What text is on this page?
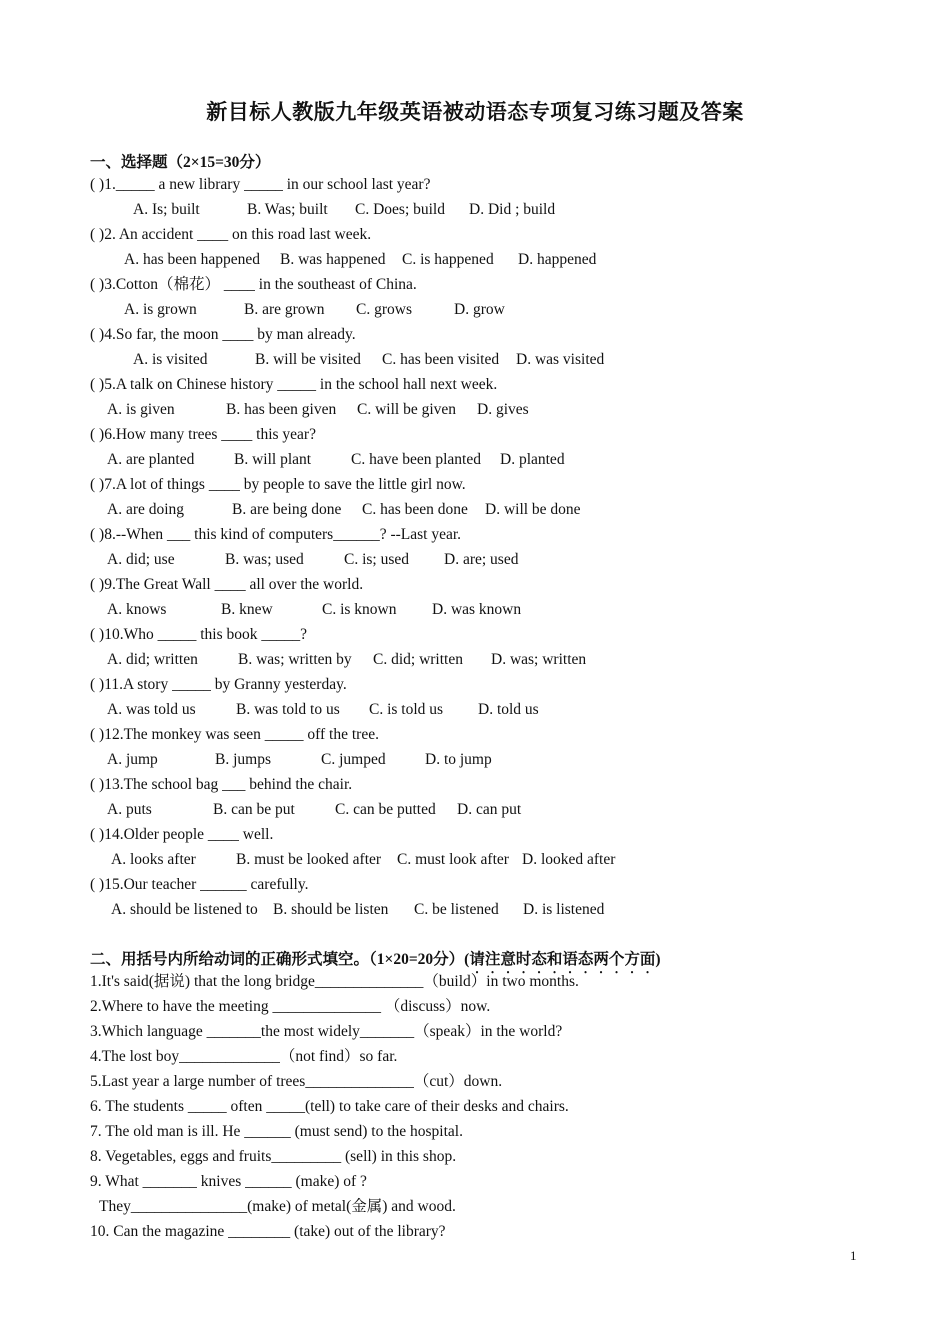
新目标人教版九年级英语被动语态专项复习练习题及答案
一、选择题（2×15=30分）
( )1._____ a new library _____ in our school last year?
A. Is; built	B. Was; built C. Does; build D. Did ; build
( )2. An accident ____ on this road last week.
A. has been happened B. was happened C. is happened D. happened
( )3.Cotton（棉花） ____ in the southeast of China.
A. is grown	B. are grown C. grows	D. grow
( )4.So far, the moon ____ by man already.
A. is visited	B. will be visited C. has been visited D. was visited
( )5.A talk on Chinese history _____ in the school hall next week.
A. is given	B. has been given C. will be given D. gives
( )6.How many trees ____ this year?
A. are planted	B. will plant	C. have been planted D. planted
( )7.A lot of things ____ by people to save the little girl now.
A. are doing	B. are being done C. has been done D. will be done
( )8.--When ___ this kind of computers______? --Last year.
A. did; use	B. was; used	C. is; used D. are; used
( )9.The Great Wall ____ all over the world.
A. knows	B. knew	C. is known D. was known
( )10.Who _____ this book _____?
A. did; written	B. was; written by C. did; written D. was; written
( )11.A story _____ by Granny yesterday.
A. was told us	B. was told to us C. is told us D. told us
( )12.The monkey was seen _____ off the tree.
A. jump	B. jumps	C. jumped	D. to jump
( )13.The school bag ___ behind the chair.
A. puts	B. can be put	C. can be putted D. can put
( )14.Older people ____ well.
A. looks after	B. must be looked after C. must look after D. looked after
( )15.Our teacher ______ carefully.
A. should be listened to B. should be listen C. be listened D. is listened
二、用括号内所给动词的正确形式填空。（1×20=20分）(请注意时态和语态两个方面)
1.It's said(据说) that the long bridge______________（build）in two months.
2.Where to have the meeting ______________ （discuss）now.
3.Which language _______the most widely_______（speak）in the world?
4.The lost boy_____________（not find）so far.
5.Last year a large number of trees______________（cut）down.
6. The students _____ often _____(tell) to take care of their desks and chairs.
7. The old man is ill. He ______ (must send) to the hospital.
8. Vegetables, eggs and fruits_________ (sell) in this shop.
9. What _______ knives ______ (make) of ?
They_______________(make) of metal(金属) and wood.
10. Can the magazine ________ (take) out of the library?
1
